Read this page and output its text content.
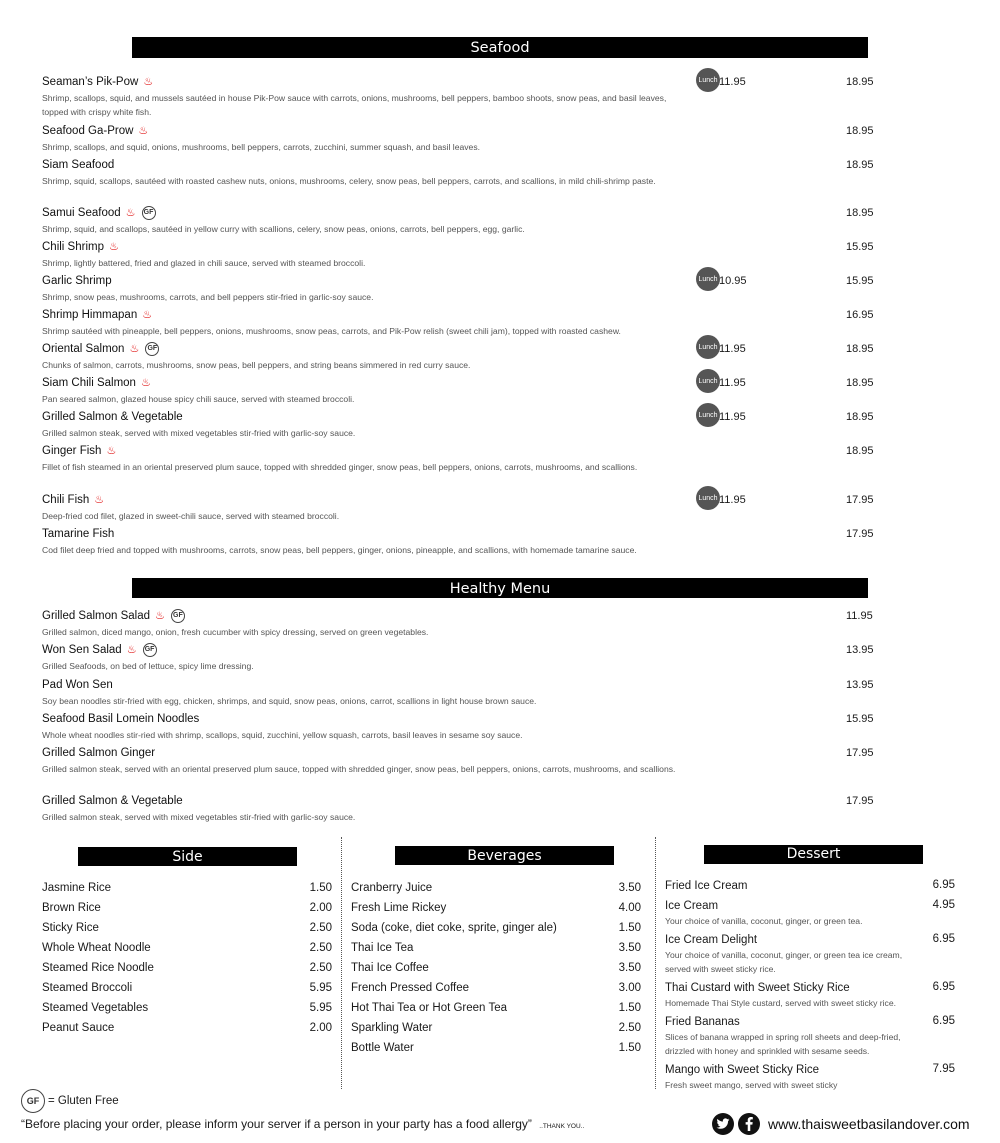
Seafood
Healthy Menu
Side	Beverages	Dessert
Seaman’s Pik-Pow ♨
Shrimp, scallops, squid, and mussels sautéed in house Pik-Pow sauce with carrots, onions, mushrooms, bell peppers, bamboo shoots, snow peas, and basil leaves, topped with crispy white fish.
Lunch 11.95	18.95
Seafood Ga-Prow ♨
Shrimp, scallops, and squid, onions, mushrooms, bell peppers, carrots, zucchini, summer squash, and basil leaves.
18.95
Siam Seafood
Shrimp, squid, scallops, sautéed with roasted cashew nuts, onions, mushrooms, celery, snow peas, bell peppers, carrots, and scallions, in mild chili-shrimp paste.
18.95
Samui Seafood ♨	GF
Shrimp, squid, and scallops, sautéed in yellow curry with scallions, celery, snow peas, onions, carrots, bell peppers, egg, garlic.
18.95
Chili Shrimp ♨
Shrimp, lightly battered, fried and glazed in chili sauce, served with steamed broccoli.
15.95
Garlic Shrimp
Shrimp, snow peas, mushrooms, carrots, and bell peppers stir-fried in garlic-soy sauce.
Lunch 10.95	15.95
Shrimp Himmapan ♨
Shrimp sautéed with pineapple, bell peppers, onions, mushrooms, snow peas, carrots, and Pik-Pow relish (sweet chili jam), topped with roasted cashew.
16.95
Oriental Salmon ♨	GF
Chunks of salmon, carrots, mushrooms, snow peas, bell peppers, and string beans simmered in red curry sauce.
Lunch 11.95	18.95
Siam Chili Salmon ♨
Pan seared salmon, glazed house spicy chili sauce, served with steamed broccoli.
Lunch 11.95	18.95
Grilled Salmon & Vegetable
Grilled salmon steak, served with mixed vegetables stir-fried with garlic-soy sauce.
Lunch 11.95	18.95
Ginger Fish ♨
Fillet of fish steamed in an oriental preserved plum sauce, topped with shredded ginger, snow peas, bell peppers, onions, carrots, mushrooms, and scallions.
18.95
Chili Fish ♨
Deep-fried cod filet, glazed in sweet-chili sauce, served with steamed broccoli.
Lunch 11.95	17.95
Tamarine Fish
Cod filet deep fried and topped with mushrooms, carrots, snow peas, bell peppers, ginger, onions, pineapple, and scallions, with homemade tamarine sauce.
17.95
Grilled Salmon Salad ♨	GF
Grilled salmon, diced mango, onion, fresh cucumber with spicy dressing, served on green vegetables.
11.95
Won Sen Salad ♨	GF
Grilled Seafoods, on bed of lettuce, spicy lime dressing.
13.95
Pad Won Sen
Soy bean noodles stir-fried with egg, chicken, shrimps, and squid, snow peas, onions, carrot, scallions in light house brown sauce.
13.95
Seafood Basil Lomein Noodles
Whole wheat noodles stir-ried with shrimp, scallops, squid, zucchini, yellow squash, carrots, basil leaves in sesame soy sauce.
15.95
Grilled Salmon Ginger
Grilled salmon steak, served with an oriental preserved plum sauce, topped with shredded ginger, snow peas, bell peppers, onions, carrots, mushrooms, and scallions.
17.95
Grilled Salmon & Vegetable
Grilled salmon steak, served with mixed vegetables stir-fried with garlic-soy sauce.
17.95
Jasmine Rice	1.50
Brown Rice	2.00
Sticky Rice	2.50
Whole Wheat Noodle	2.50
Steamed Rice Noodle	2.50
Steamed Broccoli	5.95
Steamed Vegetables	5.95
Peanut Sauce	2.00
Cranberry Juice	3.50
Fresh Lime Rickey	4.00
Soda (coke, diet coke, sprite, ginger ale)	1.50
Thai Ice Tea	3.50
Thai Ice Coffee	3.50
French Pressed Coffee	3.00
Hot Thai Tea or Hot Green Tea	1.50
Sparkling Water	2.50
Bottle Water	1.50
Fried Ice Cream	6.95
Ice Cream
Your choice of vanilla, coconut, ginger, or green tea.
4.95
Ice Cream Delight
Your choice of vanilla, coconut, ginger, or green tea ice cream, served with sweet sticky rice.
6.95
Thai Custard with Sweet Sticky Rice
Homemade Thai Style custard, served with sweet sticky rice.
6.95
Fried Bananas
Slices of banana wrapped in spring roll sheets and deep-fried, drizzled with honey and sprinkled with sesame seeds.
6.95
Mango with Sweet Sticky Rice
Fresh sweet mango, served with sweet sticky
7.95
GF = Gluten Free
“Before placing your order, please inform your server if a person in your party has a food allergy” ..THANK YOU..	www.thaisweetbasilandover.com
